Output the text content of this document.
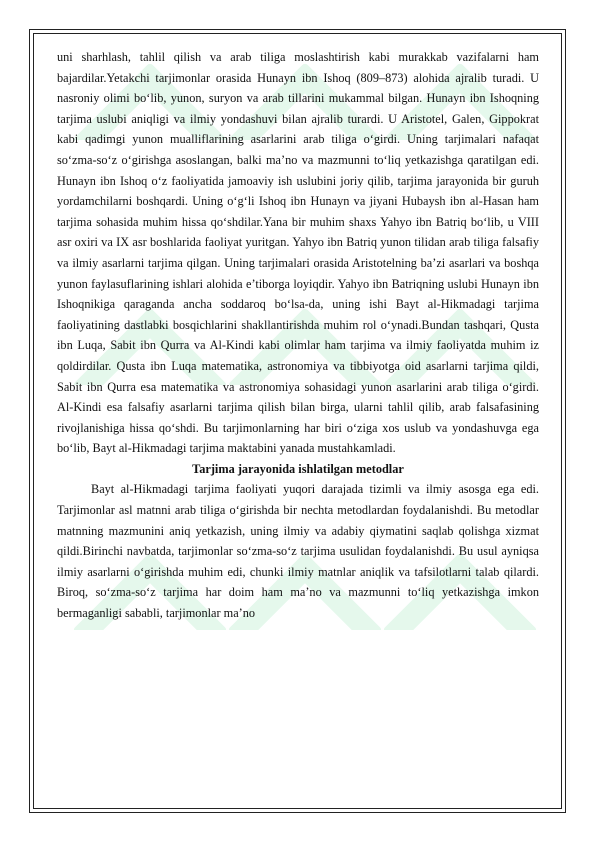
uni sharhlash, tahlil qilish va arab tiliga moslashtirish kabi murakkab vazifalarni ham bajardilar.Yetakchi tarjimonlar orasida Hunayn ibn Ishoq (809–873) alohida ajralib turadi. U nasroniy olimi bo‘lib, yunon, suryon va arab tillarini mukammal bilgan. Hunayn ibn Ishoqning tarjima uslubi aniqligi va ilmiy yondashuvi bilan ajralib turardi. U Aristotel, Galen, Gippokrat kabi qadimgi yunon mualliflarining asarlarini arab tiliga o‘girdi. Uning tarjimalari nafaqat so‘zma-so‘z o‘girishga asoslangan, balki ma’no va mazmunni to‘liq yetkazishga qaratilgan edi. Hunayn ibn Ishoq o‘z faoliyatida jamoaviy ish uslubini joriy qilib, tarjima jarayonida bir guruh yordamchilarni boshqardi. Uning o‘g‘li Ishoq ibn Hunayn va jiyani Hubaysh ibn al-Hasan ham tarjima sohasida muhim hissa qo‘shdilar.Yana bir muhim shaxs Yahyo ibn Batriq bo‘lib, u VIII asr oxiri va IX asr boshlarida faoliyat yuritgan. Yahyo ibn Batriq yunon tilidan arab tiliga falsafiy va ilmiy asarlarni tarjima qilgan. Uning tarjimalari orasida Aristotelning ba’zi asarlari va boshqa yunon faylasuflarining ishlari alohida e’tiborga loyiqdir. Yahyo ibn Batriqning uslubi Hunayn ibn Ishoqnikiga qaraganda ancha soddaroq bo‘lsa-da, uning ishi Bayt al-Hikmadagi tarjima faoliyatining dastlabki bosqichlarini shakllantirishda muhim rol o‘ynadi.Bundan tashqari, Qusta ibn Luqa, Sabit ibn Qurra va Al-Kindi kabi olimlar ham tarjima va ilmiy faoliyatda muhim iz qoldirdilar. Qusta ibn Luqa matematika, astronomiya va tibbiyotga oid asarlarni tarjima qildi, Sabit ibn Qurra esa matematika va astronomiya sohasidagi yunon asarlarini arab tiliga o‘girdi. Al-Kindi esa falsafiy asarlarni tarjima qilish bilan birga, ularni tahlil qilib, arab falsafasining rivojlanishiga hissa qo‘shdi. Bu tarjimonlarning har biri o‘ziga xos uslub va yondashuvga ega bo‘lib, Bayt al-Hikmadagi tarjima maktabini yanada mustahkamladi.

Tarjima jarayonida ishlatilgan metodlar

Bayt al-Hikmadagi tarjima faoliyati yuqori darajada tizimli va ilmiy asosga ega edi. Tarjimonlar asl matnni arab tiliga o‘girishda bir nechta metodlardan foydalanishdi. Bu metodlar matnning mazmunini aniq yetkazish, uning ilmiy va adabiy qiymatini saqlab qolishga xizmat qildi.Birinchi navbatda, tarjimonlar so‘zma-so‘z tarjima usulidan foydalanishdi. Bu usul ayniqsa ilmiy asarlarni o‘girishda muhim edi, chunki ilmiy matnlar aniqlik va tafsilotlarni talab qilardi. Biroq, so‘zma-so‘z tarjima har doim ham ma’no va mazmunni to‘liq yetkazishga imkon bermaganligi sababli, tarjimonlar ma’no
